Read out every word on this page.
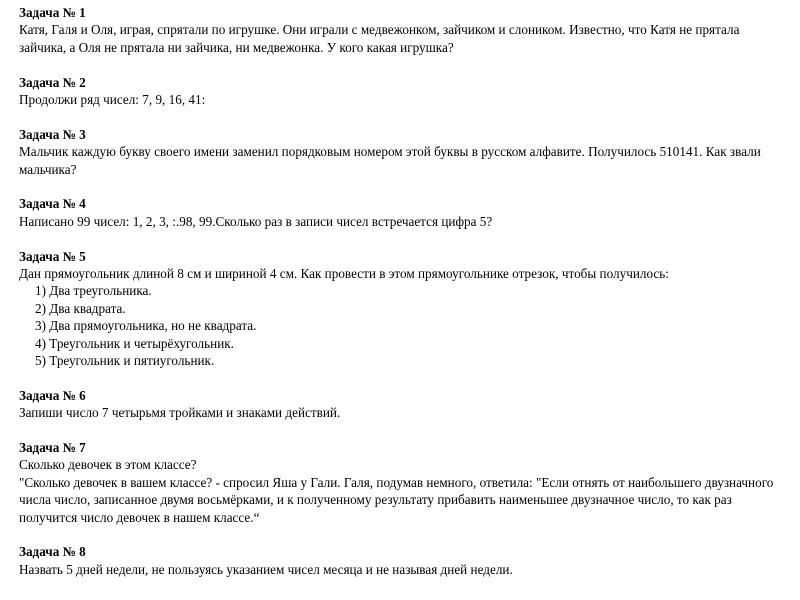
Задача № 1
Катя, Галя и Оля, играя, спрятали по игрушке. Они играли с медвежонком, зайчиком и слоником. Известно, что Катя не прятала зайчика, а Оля не прятала ни зайчика, ни медвежонка. У кого какая игрушка?
Задача № 2
Продолжи ряд чисел: 7, 9, 16, 41:
Задача № 3
Мальчик каждую букву своего имени заменил порядковым номером этой буквы в русском алфавите. Получилось 510141. Как звали мальчика?
Задача № 4
Написано 99 чисел: 1, 2, 3, :.98, 99.Сколько раз в записи чисел встречается цифра 5?
Задача № 5
Дан прямоугольник длиной 8 см и шириной 4 см. Как провести в этом прямоугольнике отрезок, чтобы получилось:
1) Два треугольника.
2) Два квадрата.
3) Два прямоугольника, но не квадрата.
4) Треугольник и четырёхугольник.
5) Треугольник и пятиугольник.
Задача № 6
Запиши число 7 четырьмя тройками и знаками действий.
Задача № 7
Сколько девочек в этом классе?
"Сколько девочек в вашем классе? - спросил Яша у Гали. Галя, подумав немного, ответила: "Если отнять от наибольшего двузначного числа число, записанное двумя восьмёрками, и к полученному результату прибавить наименьшее двузначное число, то как раз получится число девочек в нашем классе.“
Задача № 8
Назвать 5 дней недели, не пользуясь указанием чисел месяца и не называя дней недели.
